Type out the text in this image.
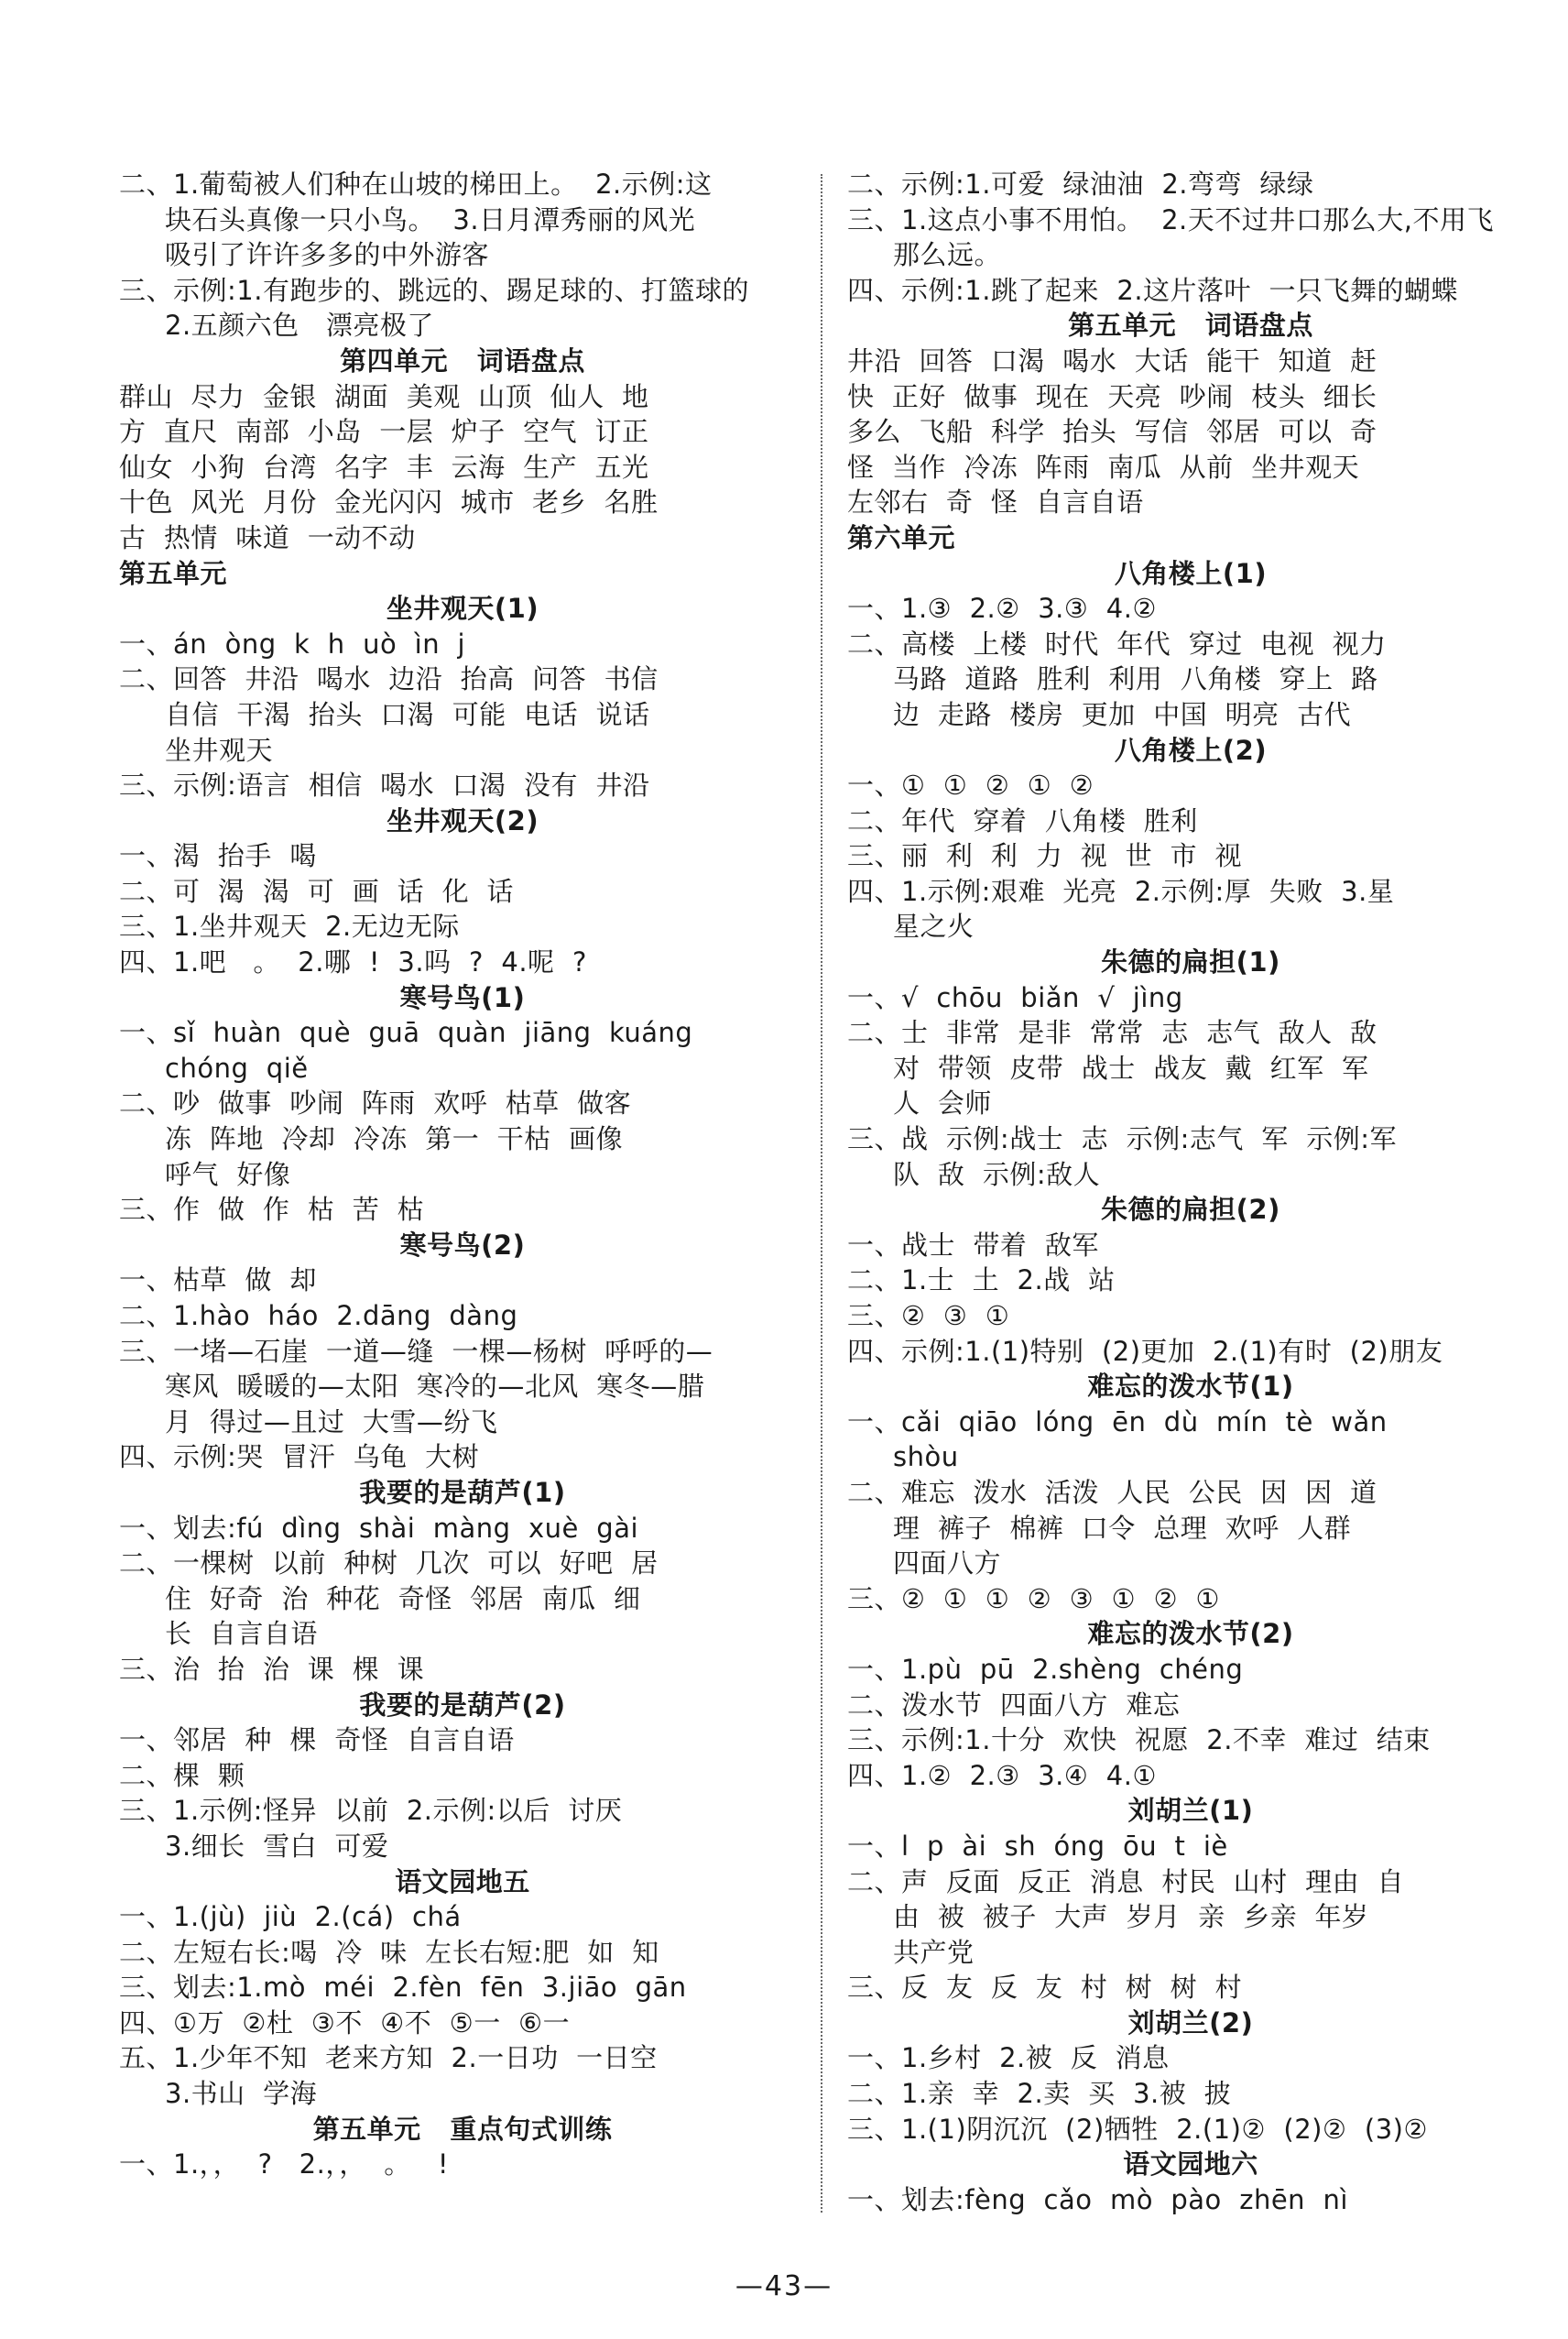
二、1.葡萄被人们种在山坡的梯田上。  2.示例:这
块石头真像一只小鸟。  3.日月潭秀丽的风光
吸引了许许多多的中外游客
三、示例:1.有跑步的、跳远的、踢足球的、打篮球的
2.五颜六色   漂亮极了
第四单元   词语盘点
群山  尽力  金银  湖面  美观  山顶  仙人  地
方  直尺  南部  小岛  一层  炉子  空气  订正
仙女  小狗  台湾  名字  丰  云海  生产  五光
十色  风光  月份  金光闪闪  城市  老乡  名胜
古  热情  味道  一动不动
第五单元
坐井观天(1)
一、án  òng  k  h  uò  ìn  j
二、回答  井沿  喝水  边沿  抬高  问答  书信
自信  干渴  抬头  口渴  可能  电话  说话
坐井观天
三、示例:语言  相信  喝水  口渴  没有  井沿
坐井观天(2)
一、渴  抬手  喝
二、可  渴  渴  可  画  话  化  话
三、1.坐井观天  2.无边无际
四、1.吧   。  2.哪  !  3.吗  ?  4.呢  ?
寒号鸟(1)
一、sǐ  huàn  què  guā  quàn  jiāng  kuáng
chóng  qiě
二、吵  做事  吵闹  阵雨  欢呼  枯草  做客
冻  阵地  冷却  冷冻  第一  干枯  画像
呼气  好像
三、作  做  作  枯  苦  枯
寒号鸟(2)
一、枯草  做  却
二、1.hào  háo  2.dāng  dàng
三、一堵—石崖  一道—缝  一棵—杨树  呼呼的—
寒风  暖暖的—太阳  寒冷的—北风  寒冬—腊
月  得过—且过  大雪—纷飞
四、示例:哭  冒汗  乌龟  大树
我要的是葫芦(1)
一、划去:fú  dìng  shài  màng  xuè  gài
二、一棵树  以前  种树  几次  可以  好吧  居
住  好奇  治  种花  奇怪  邻居  南瓜  细
长  自言自语
三、治  抬  治  课  棵  课
我要的是葫芦(2)
一、邻居  种  棵  奇怪  自言自语
二、棵  颗
三、1.示例:怪异  以前  2.示例:以后  讨厌
3.细长  雪白  可爱
语文园地五
一、1.(jù)  jiù  2.(cá)  chá
二、左短右长:喝  冷  味  左长右短:肥  如  知
三、划去:1.mò  méi  2.fèn  fēn  3.jiāo  gān
四、①万  ②杜  ③不  ④不  ⑤一  ⑥一
五、1.少年不知  老来方知  2.一日功  一日空
3.书山  学海
第五单元   重点句式训练
一、1.，，  ?   2.，，  。   !
二、示例:1.可爱  绿油油  2.弯弯  绿绿
三、1.这点小事不用怕。  2.天不过井口那么大,不用飞
那么远。
四、示例:1.跳了起来  2.这片落叶  一只飞舞的蝴蝶
第五单元   词语盘点
井沿  回答  口渴  喝水  大话  能干  知道  赶
快  正好  做事  现在  天亮  吵闹  枝头  细长
多么  飞船  科学  抬头  写信  邻居  可以  奇
怪  当作  冷冻  阵雨  南瓜  从前  坐井观天
左邻右  奇  怪  自言自语
第六单元
八角楼上(1)
一、1.③  2.②  3.③  4.②
二、高楼  上楼  时代  年代  穿过  电视  视力
马路  道路  胜利  利用  八角楼  穿上  路
边  走路  楼房  更加  中国  明亮  古代
八角楼上(2)
一、①  ①  ②  ①  ②
二、年代  穿着  八角楼  胜利
三、丽  利  利  力  视  世  市  视
四、1.示例:艰难  光亮  2.示例:厚  失败  3.星
星之火
朱德的扁担(1)
一、√  chōu  biǎn  √  jìng
二、士  非常  是非  常常  志  志气  敌人  敌
对  带领  皮带  战士  战友  戴  红军  军
人  会师
三、战  示例:战士  志  示例:志气  军  示例:军
队  敌  示例:敌人
朱德的扁担(2)
一、战士  带着  敌军
二、1.士  土  2.战  站
三、②  ③  ①
四、示例:1.(1)特别  (2)更加  2.(1)有时  (2)朋友
难忘的泼水节(1)
一、cǎi  qiāo  lóng  ēn  dù  mín  tè  wǎn
shòu
二、难忘  泼水  活泼  人民  公民  因  因  道
理  裤子  棉裤  口令  总理  欢呼  人群
四面八方
三、②  ①  ①  ②  ③  ①  ②  ①
难忘的泼水节(2)
一、1.pù  pū  2.shèng  chéng
二、泼水节  四面八方  难忘
三、示例:1.十分  欢快  祝愿  2.不幸  难过  结束
四、1.②  2.③  3.④  4.①
刘胡兰(1)
一、l  p  ài  sh  óng  ōu  t  iè
二、声  反面  反正  消息  村民  山村  理由  自
由  被  被子  大声  岁月  亲  乡亲  年岁
共产党
三、反  友  反  友  村  树  树  村
刘胡兰(2)
一、1.乡村  2.被  反  消息
二、1.亲  幸  2.卖  买  3.被  披
三、1.(1)阴沉沉  (2)牺牲  2.(1)②  (2)②  (3)②
语文园地六
一、划去:fèng  cǎo  mò  pào  zhēn  nì
—43—
